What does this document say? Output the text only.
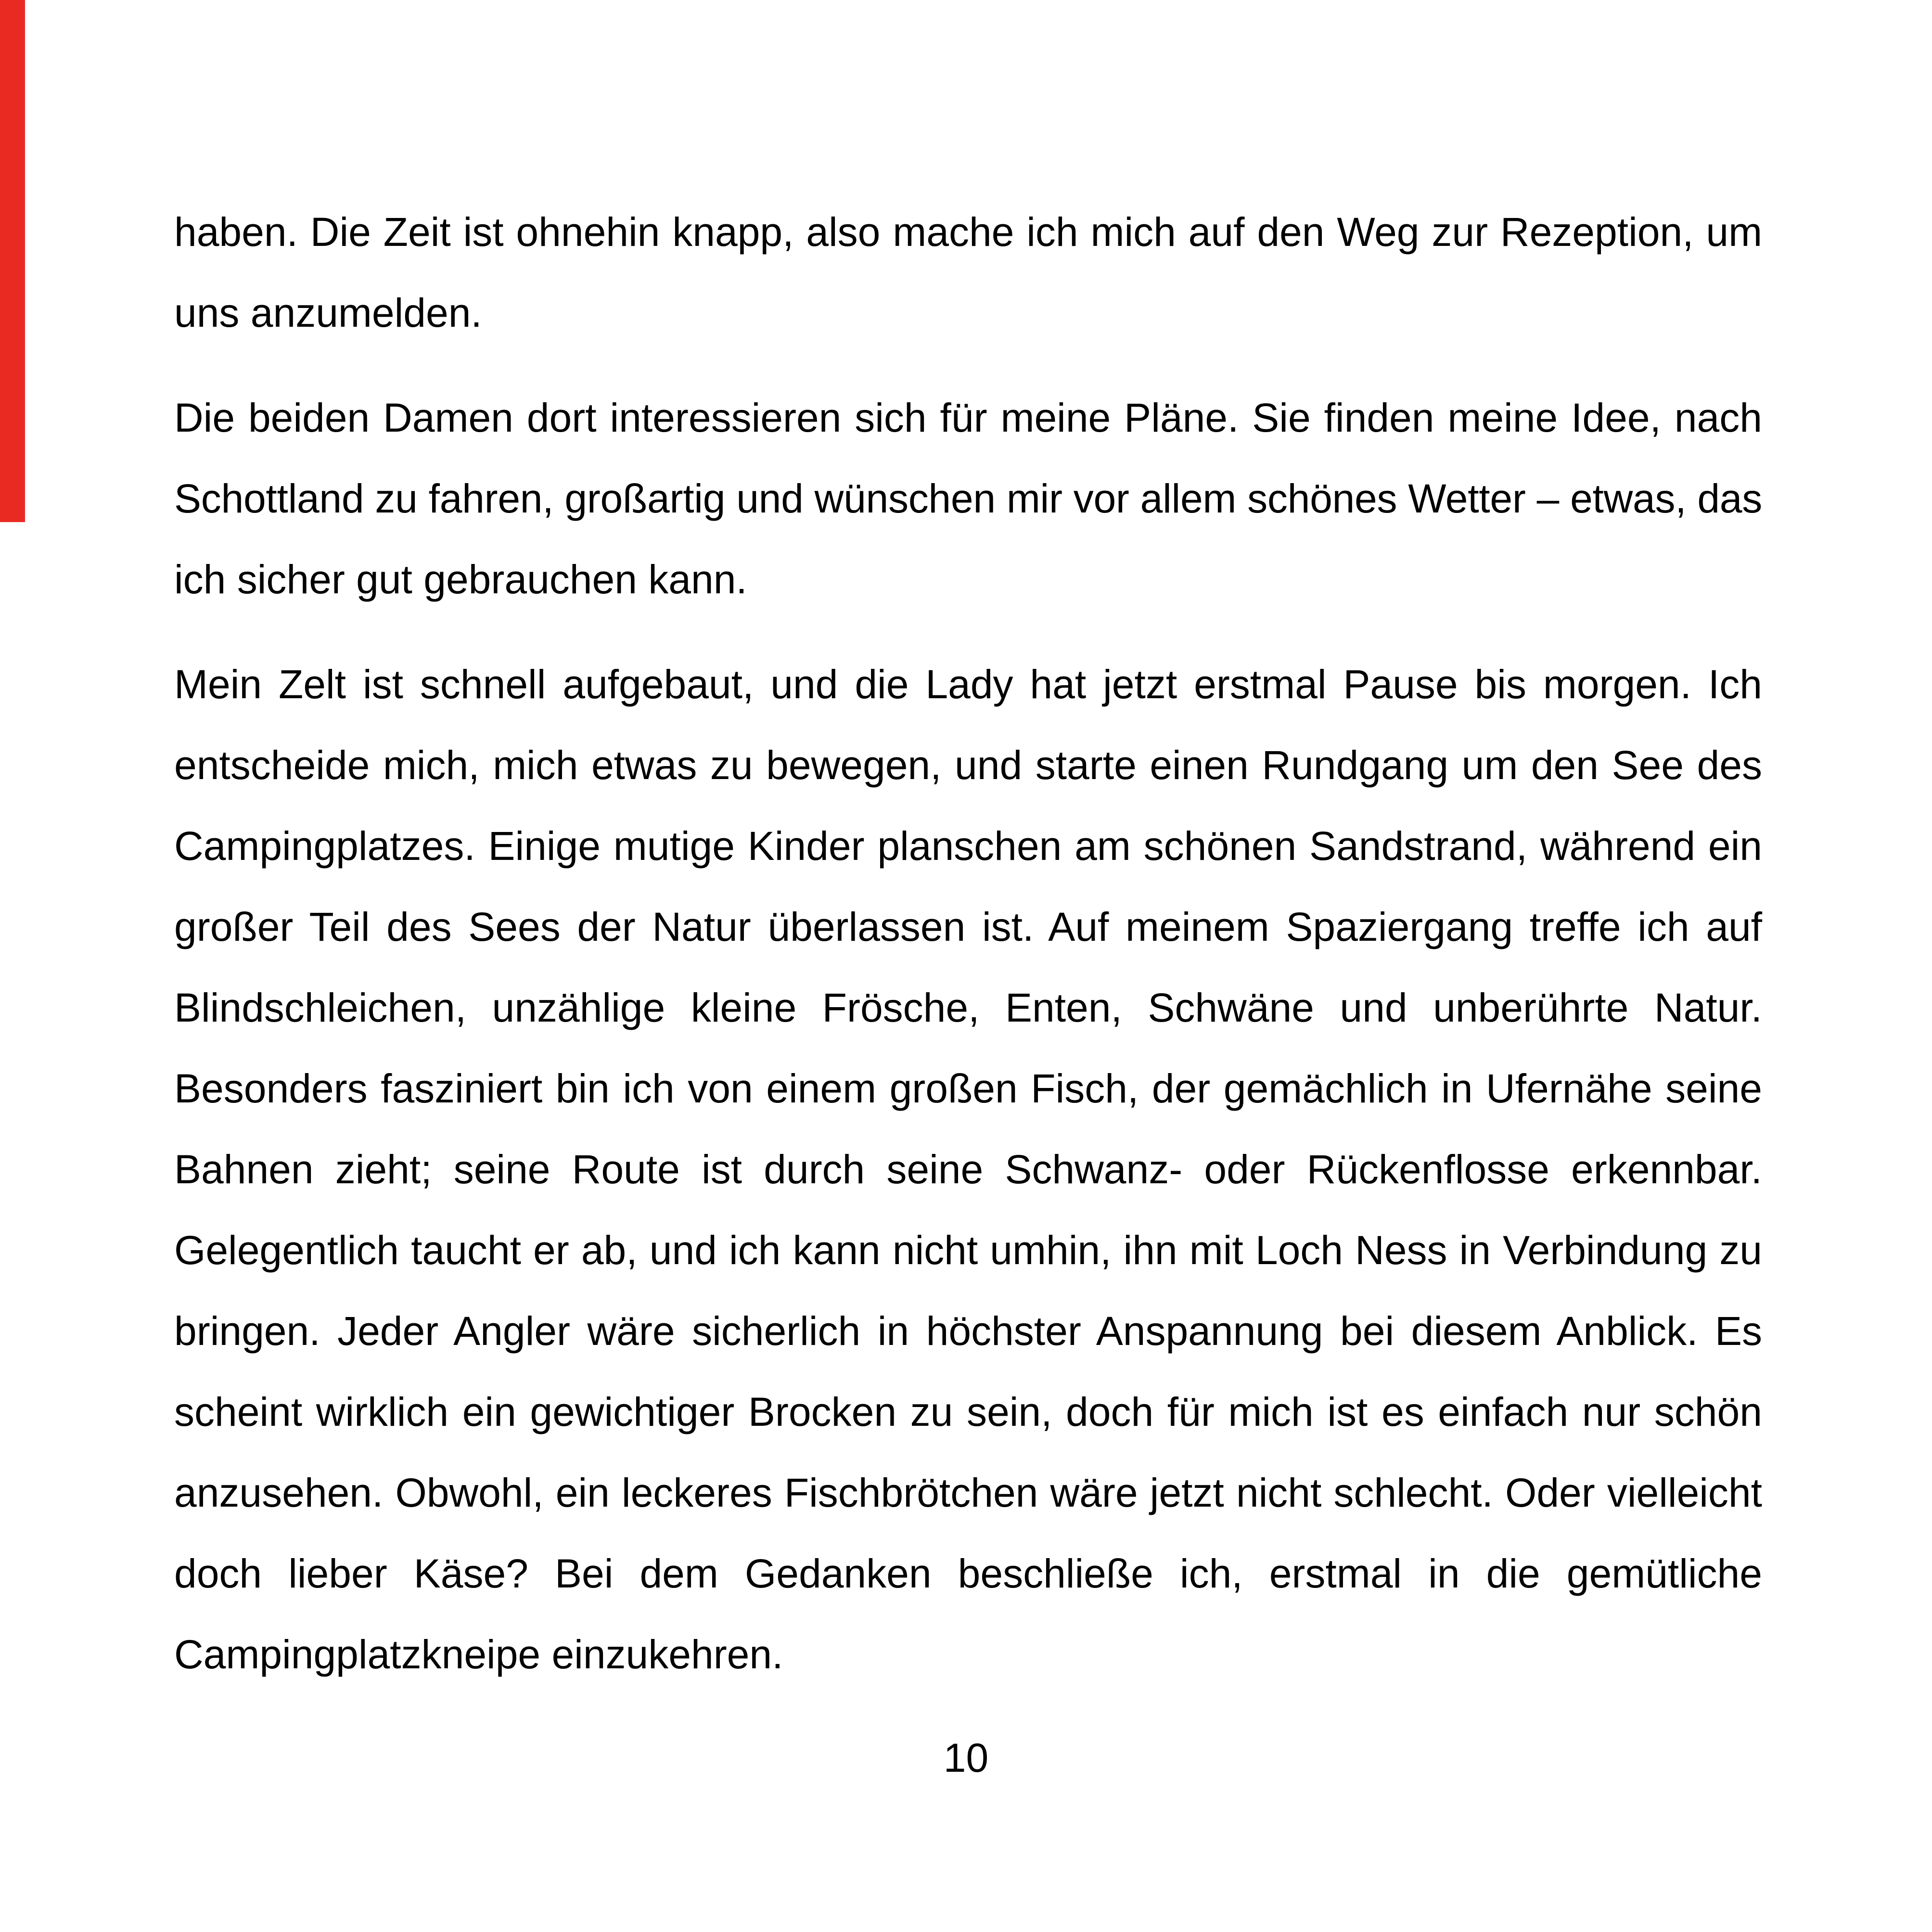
haben. Die Zeit ist ohnehin knapp, also mache ich mich auf den Weg zur Rezeption, um
uns anzumelden.
Die beiden Damen dort interessieren sich für meine Pläne. Sie finden meine Idee, nach
Schottland zu fahren, großartig und wünschen mir vor allem schönes Wetter – etwas, das
ich sicher gut gebrauchen kann.
Mein Zelt ist schnell aufgebaut, und die Lady hat jetzt erstmal Pause bis morgen. Ich
entscheide mich, mich etwas zu bewegen, und starte einen Rundgang um den See des
Campingplatzes. Einige mutige Kinder planschen am schönen Sandstrand, während ein
großer Teil des Sees der Natur überlassen ist. Auf meinem Spaziergang treffe ich auf
Blindschleichen, unzählige kleine Frösche, Enten, Schwäne und unberührte Natur.
Besonders fasziniert bin ich von einem großen Fisch, der gemächlich in Ufernähe seine
Bahnen zieht; seine Route ist durch seine Schwanz- oder Rückenflosse erkennbar.
Gelegentlich taucht er ab, und ich kann nicht umhin, ihn mit Loch Ness in Verbindung zu
bringen. Jeder Angler wäre sicherlich in höchster Anspannung bei diesem Anblick. Es
scheint wirklich ein gewichtiger Brocken zu sein, doch für mich ist es einfach nur schön
anzusehen. Obwohl, ein leckeres Fischbrötchen wäre jetzt nicht schlecht. Oder vielleicht
doch lieber Käse? Bei dem Gedanken beschließe ich, erstmal in die gemütliche
Campingplatzkneipe einzukehren.
10
